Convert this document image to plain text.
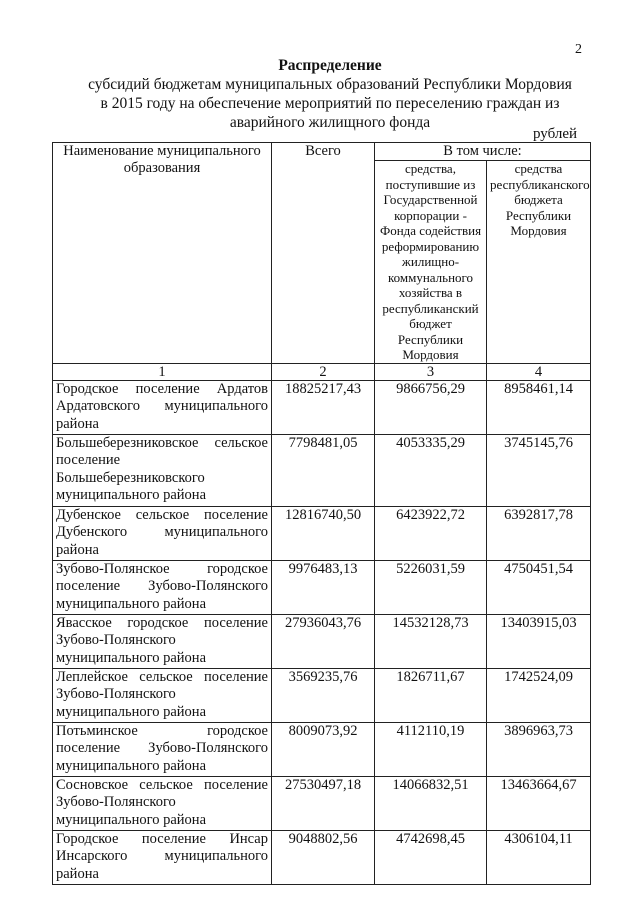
2
Распределение
субсидий бюджетам муниципальных образований Республики Мордовия
в 2015 году на обеспечение мероприятий по переселению граждан из
аварийного жилищного фонда
рублей
Наименование муниципального образования	Всего	В том числе:	
		средства, поступившие из Государственной корпорации - Фонда содействия реформированию жилищно-коммунального хозяйства в республиканский бюджет Республики Мордовия	средства республиканского бюджета Республики Мордовия
1	2	3	4
Городское поселение Ардатов Ардатовского муниципального района	18825217,43	9866756,29	8958461,14
Большеберезниковское сельское поселение Большеберезниковского муниципального района	7798481,05	4053335,29	3745145,76
Дубенское сельское поселение Дубенского муниципального района	12816740,50	6423922,72	6392817,78
Зубово-Полянское городское поселение Зубово-Полянского муниципального района	9976483,13	5226031,59	4750451,54
Явасское городское поселение Зубово-Полянского муниципального района	27936043,76	14532128,73	13403915,03
Леплейское сельское поселение Зубово-Полянского муниципального района	3569235,76	1826711,67	1742524,09
Потьминское городское поселение Зубово-Полянского муниципального района	8009073,92	4112110,19	3896963,73
Сосновское сельское поселение Зубово-Полянского муниципального района	27530497,18	14066832,51	13463664,67
Городское поселение Инсар Инсарского муниципального района	9048802,56	4742698,45	4306104,11
